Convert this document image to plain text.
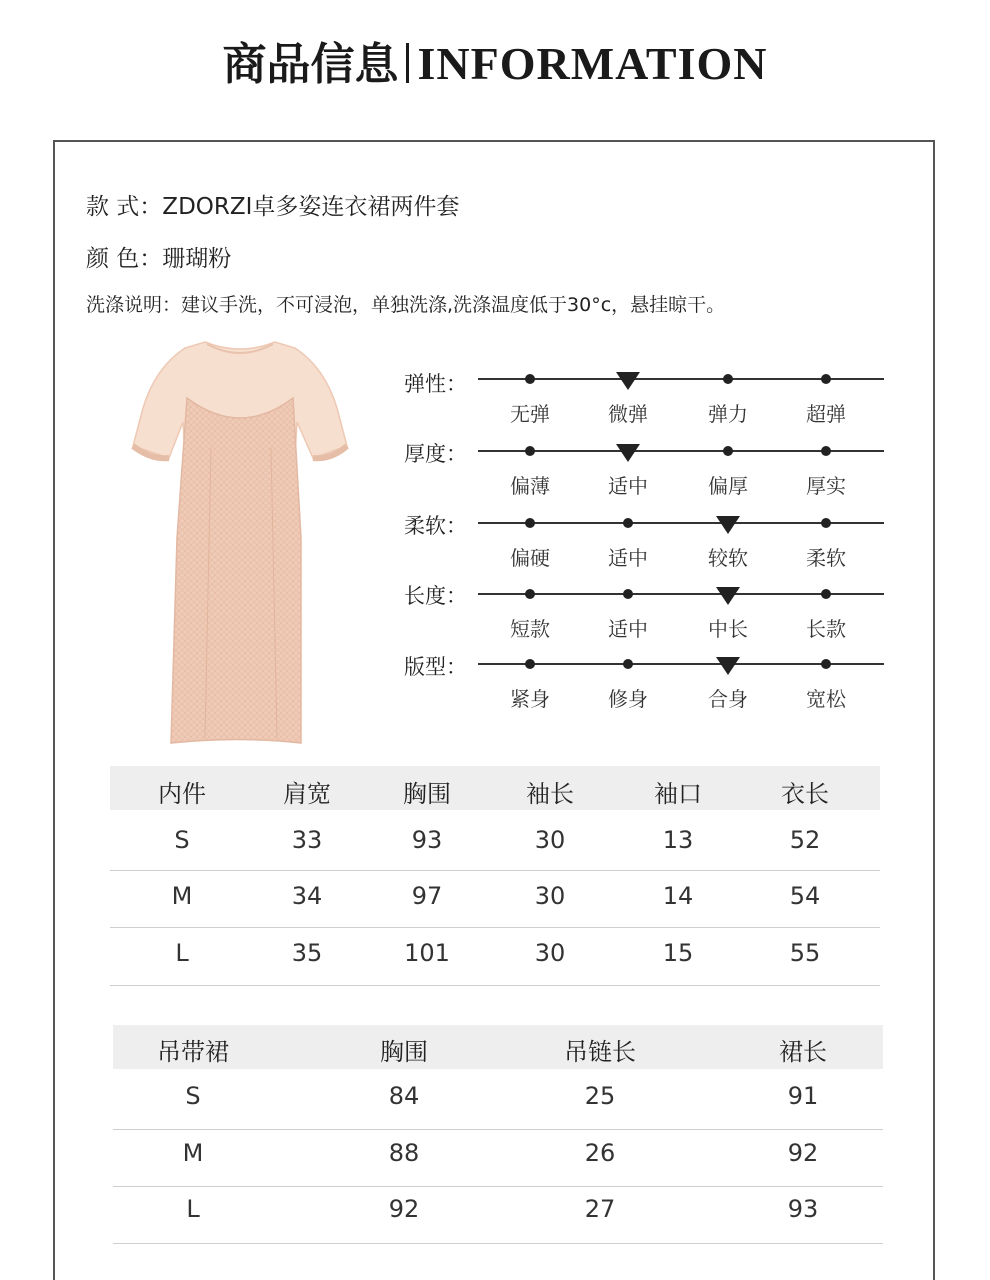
商品信息 INFORMATION
款 式：ZDORZI卓多姿连衣裙两件套
颜 色：珊瑚粉
洗涤说明：建议手洗，不可浸泡，单独洗涤,洗涤温度低于30°c，悬挂晾干。
弹性：
厚度：
柔软：
长度：
版型：
无弹	微弹	弹力	超弹
偏薄	适中	偏厚	厚实
偏硬	适中	较软	柔软
短款	适中	中长	长款
紧身	修身	合身	宽松
内件	肩宽	胸围	袖长	袖口	衣长
S	33	93	30	13	52
M	34	97	30	14	54
L	35	101	30	15	55
吊带裙	胸围	吊链长	裙长
S	84	25	91
M	88	26	92
L	92	27	93
